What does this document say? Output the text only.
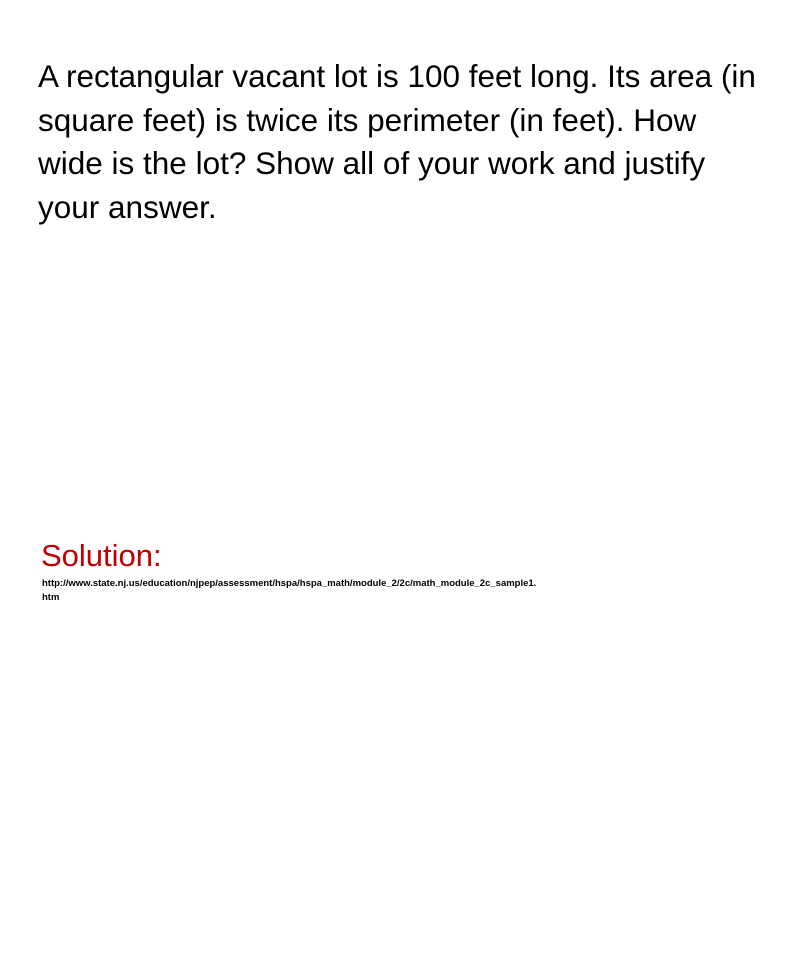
A rectangular vacant lot is 100 feet long. Its area (in square feet) is twice its perimeter (in feet). How wide is the lot? Show all of your work and justify your answer.

Solution:
http://www.state.nj.us/education/njpep/assessment/hspa/hspa_math/module_2/2c/math_module_2c_sample1.
htm
